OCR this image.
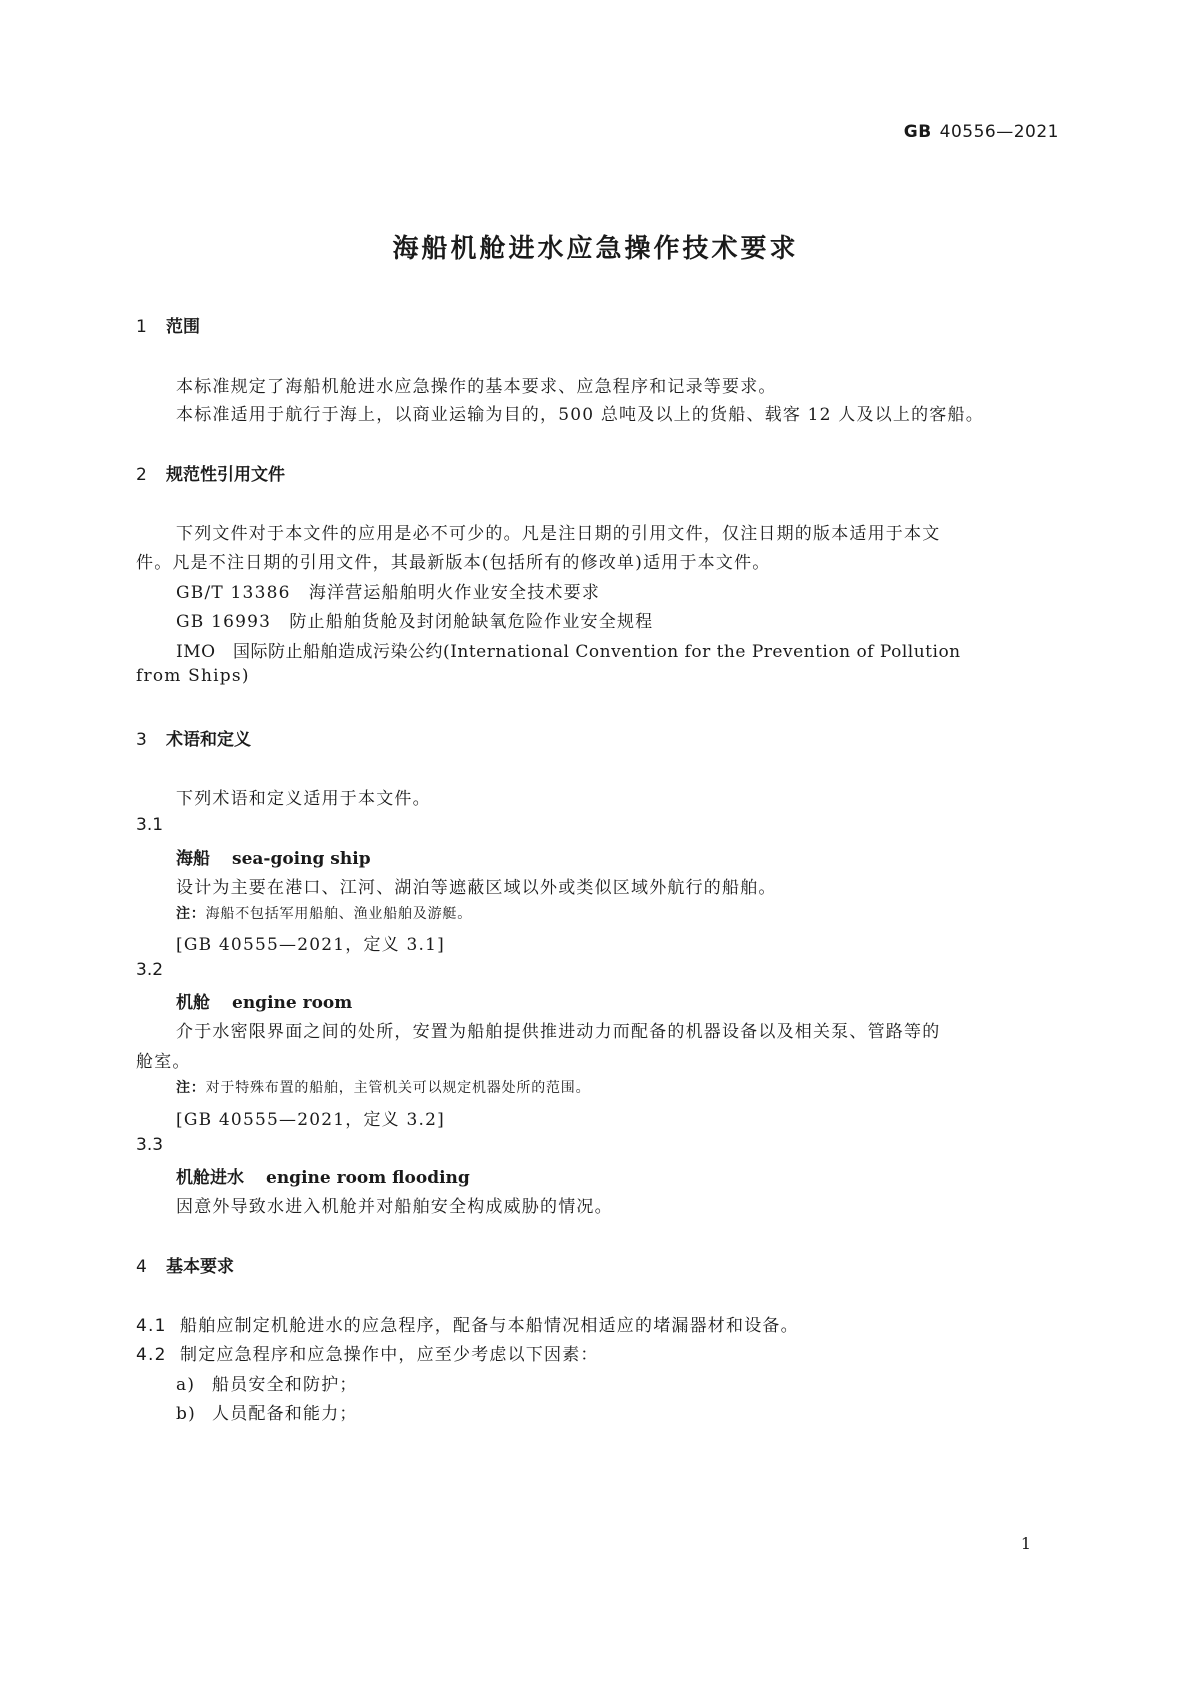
GB 40556—2021
海船机舱进水应急操作技术要求
1 范围
本标准规定了海船机舱进水应急操作的基本要求、应急程序和记录等要求。
本标准适用于航行于海上，以商业运输为目的，500 总吨及以上的货船、载客 12 人及以上的客船。
2 规范性引用文件
下列文件对于本文件的应用是必不可少的。凡是注日期的引用文件，仅注日期的版本适用于本文
件。凡是不注日期的引用文件，其最新版本(包括所有的修改单)适用于本文件。
GB/T 13386　海洋营运船舶明火作业安全技术要求
GB 16993　防止船舶货舱及封闭舱缺氧危险作业安全规程
IMO　国际防止船舶造成污染公约(International Convention for the Prevention of Pollution
from Ships)
3 术语和定义
下列术语和定义适用于本文件。
3.1
海船 sea-going ship
设计为主要在港口、江河、湖泊等遮蔽区域以外或类似区域外航行的船舶。
注：海船不包括军用船舶、渔业船舶及游艇。
[GB 40555—2021，定义 3.1]
3.2
机舱 engine room
介于水密限界面之间的处所，安置为船舶提供推进动力而配备的机器设备以及相关泵、管路等的
舱室。
注：对于特殊布置的船舶，主管机关可以规定机器处所的范围。
[GB 40555—2021，定义 3.2]
3.3
机舱进水 engine room flooding
因意外导致水进入机舱并对船舶安全构成威胁的情况。
4 基本要求
4.1 船舶应制定机舱进水的应急程序，配备与本船情况相适应的堵漏器材和设备。
4.2 制定应急程序和应急操作中，应至少考虑以下因素：
a) 船员安全和防护；
b) 人员配备和能力；
1
